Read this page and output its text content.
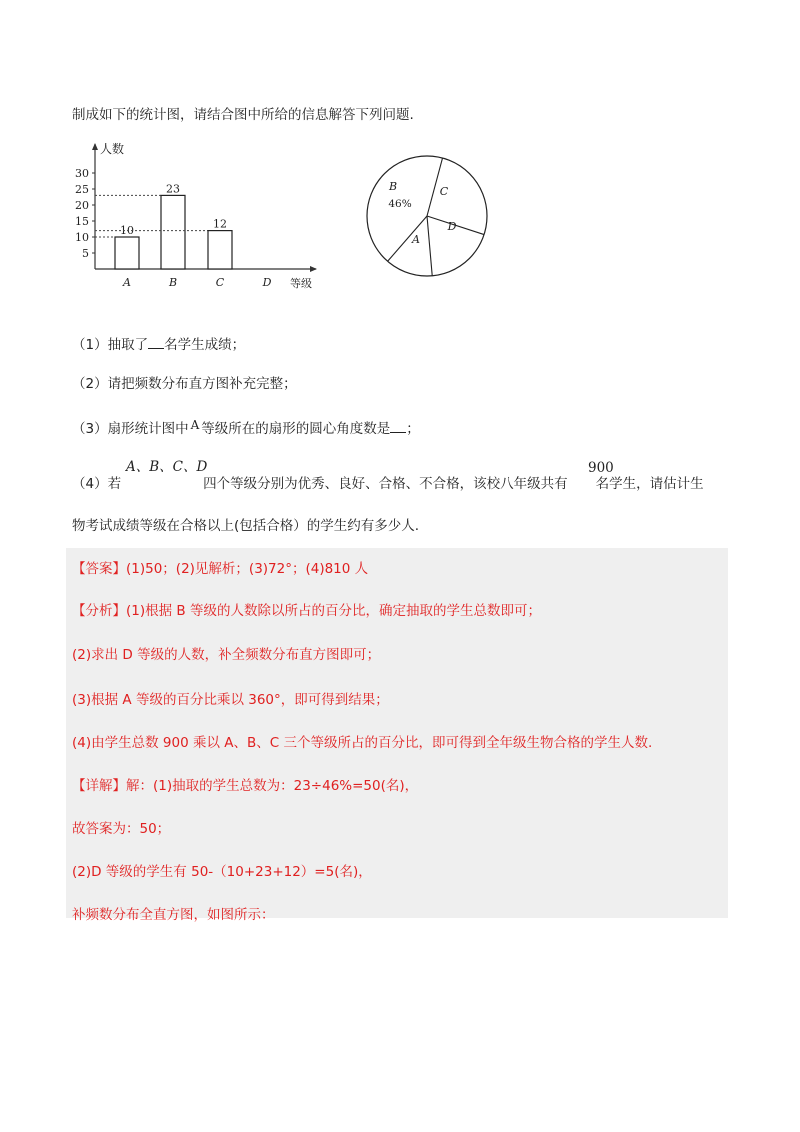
制成如下的统计图，请结合图中所给的信息解答下列问题.
人数
等级
5
10
15
20
25
30
A
10
B
23
C
12
D
B	C
D
A
46%
（1）抽取了 名学生成绩；
（2）请把频数分布直方图补充完整；
（3）扇形统计图中 A 等级所在的扇形的圆心角度数是 ；
A、B、C、D	900
（4）若	四个等级分别为优秀、良好、合格、不合格，该校八年级共有 名学生，请估计生
物考试成绩等级在合格以上(包括合格）的学生约有多少人.
【答案】(1)50；(2)见解析；(3)72°；(4)810 人
【分析】(1)根据 B 等级的人数除以所占的百分比，确定抽取的学生总数即可；
(2)求出 D 等级的人数，补全频数分布直方图即可；
(3)根据 A 等级的百分比乘以 360°，即可得到结果；
(4)由学生总数 900 乘以 A、B、C 三个等级所占的百分比，即可得到全年级生物合格的学生人数.
【详解】解：(1)抽取的学生总数为：23÷46%=50(名)，
故答案为：50；
(2)D 等级的学生有 50-（10+23+12）=5(名)，
补频数分布全直方图，如图所示：
